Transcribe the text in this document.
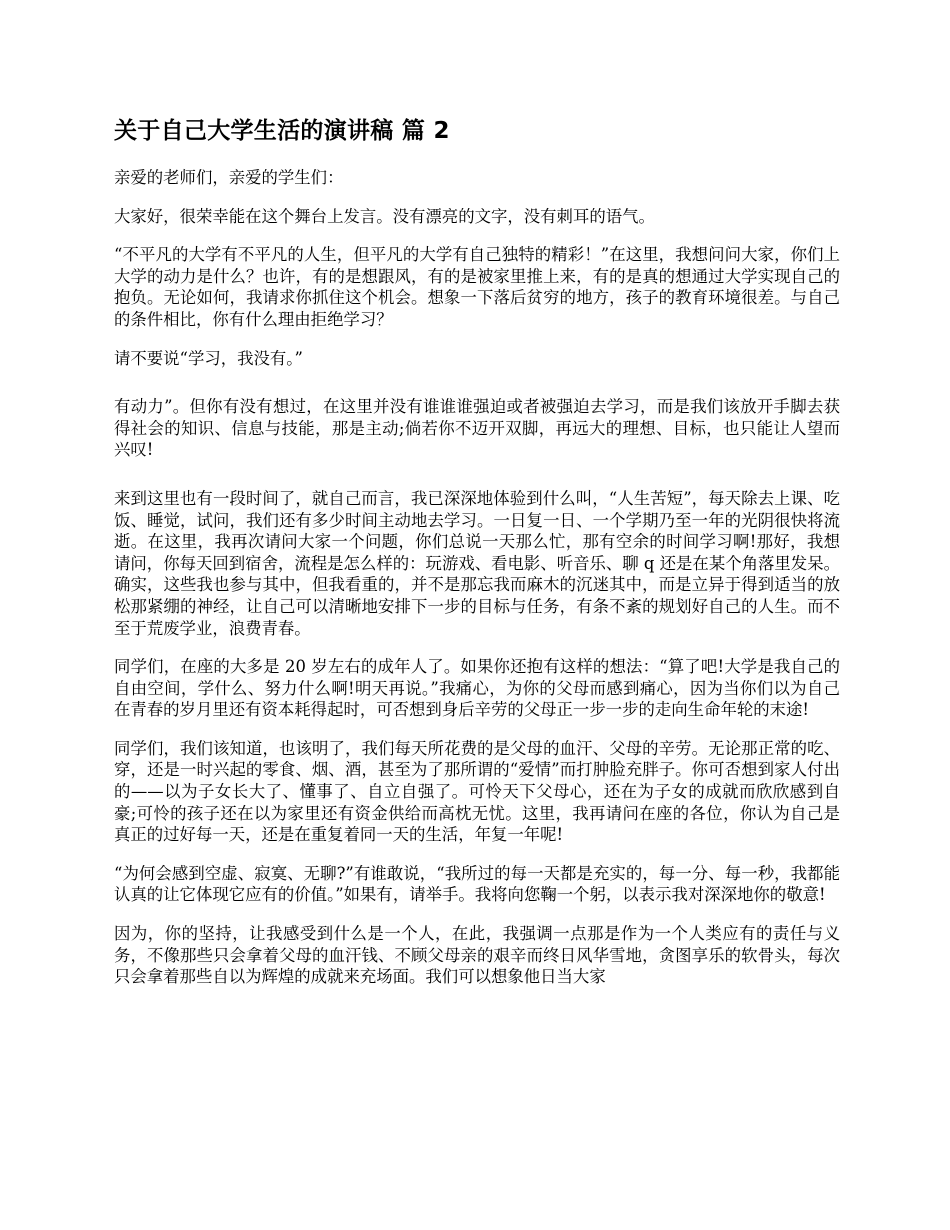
关于自己大学生活的演讲稿 篇 2

亲爱的老师们，亲爱的学生们：

大家好，很荣幸能在这个舞台上发言。没有漂亮的文字，没有刺耳的语气。

“不平凡的大学有不平凡的人生，但平凡的大学有自己独特的精彩！”在这里，我想问问大家，你们上大学的动力是什么？也许，有的是想跟风，有的是被家里推上来，有的是真的想通过大学实现自己的抱负。无论如何，我请求你抓住这个机会。想象一下落后贫穷的地方，孩子的教育环境很差。与自己的条件相比，你有什么理由拒绝学习？

请不要说“学习，我没有。”

有动力”。但你有没有想过，在这里并没有谁谁谁强迫或者被强迫去学习，而是我们该放开手脚去获得社会的知识、信息与技能，那是主动;倘若你不迈开双脚，再远大的理想、目标，也只能让人望而兴叹!

来到这里也有一段时间了，就自己而言，我已深深地体验到什么叫，“人生苦短”，每天除去上课、吃饭、睡觉，试问，我们还有多少时间主动地去学习。一日复一日、一个学期乃至一年的光阴很快将流逝。在这里，我再次请问大家一个问题，你们总说一天那么忙，那有空余的时间学习啊!那好，我想请问，你每天回到宿舍，流程是怎么样的：玩游戏、看电影、听音乐、聊 q 还是在某个角落里发呆。确实，这些我也参与其中，但我看重的，并不是那忘我而麻木的沉迷其中，而是立异于得到适当的放松那紧绷的神经，让自己可以清晰地安排下一步的目标与任务，有条不紊的规划好自己的人生。而不至于荒废学业，浪费青春。

同学们，在座的大多是 20 岁左右的成年人了。如果你还抱有这样的想法：“算了吧!大学是我自己的自由空间，学什么、努力什么啊!明天再说。”我痛心，为你的父母而感到痛心，因为当你们以为自己在青春的岁月里还有资本耗得起时，可否想到身后辛劳的父母正一步一步的走向生命年轮的末途!

同学们，我们该知道，也该明了，我们每天所花费的是父母的血汗、父母的辛劳。无论那正常的吃、穿，还是一时兴起的零食、烟、酒，甚至为了那所谓的“爱情”而打肿脸充胖子。你可否想到家人付出的——以为子女长大了、懂事了、自立自强了。可怜天下父母心，还在为子女的成就而欣欣感到自豪;可怜的孩子还在以为家里还有资金供给而高枕无忧。这里，我再请问在座的各位，你认为自己是真正的过好每一天，还是在重复着同一天的生活，年复一年呢!

“为何会感到空虚、寂寞、无聊?”有谁敢说，“我所过的每一天都是充实的，每一分、每一秒，我都能认真的让它体现它应有的价值。”如果有，请举手。我将向您鞠一个躬，以表示我对深深地你的敬意!

因为，你的坚持，让我感受到什么是一个人，在此，我强调一点那是作为一个人类应有的责任与义务，不像那些只会拿着父母的血汗钱、不顾父母亲的艰辛而终日风华雪地，贪图享乐的软骨头，每次只会拿着那些自以为辉煌的成就来充场面。我们可以想象他日当大家
